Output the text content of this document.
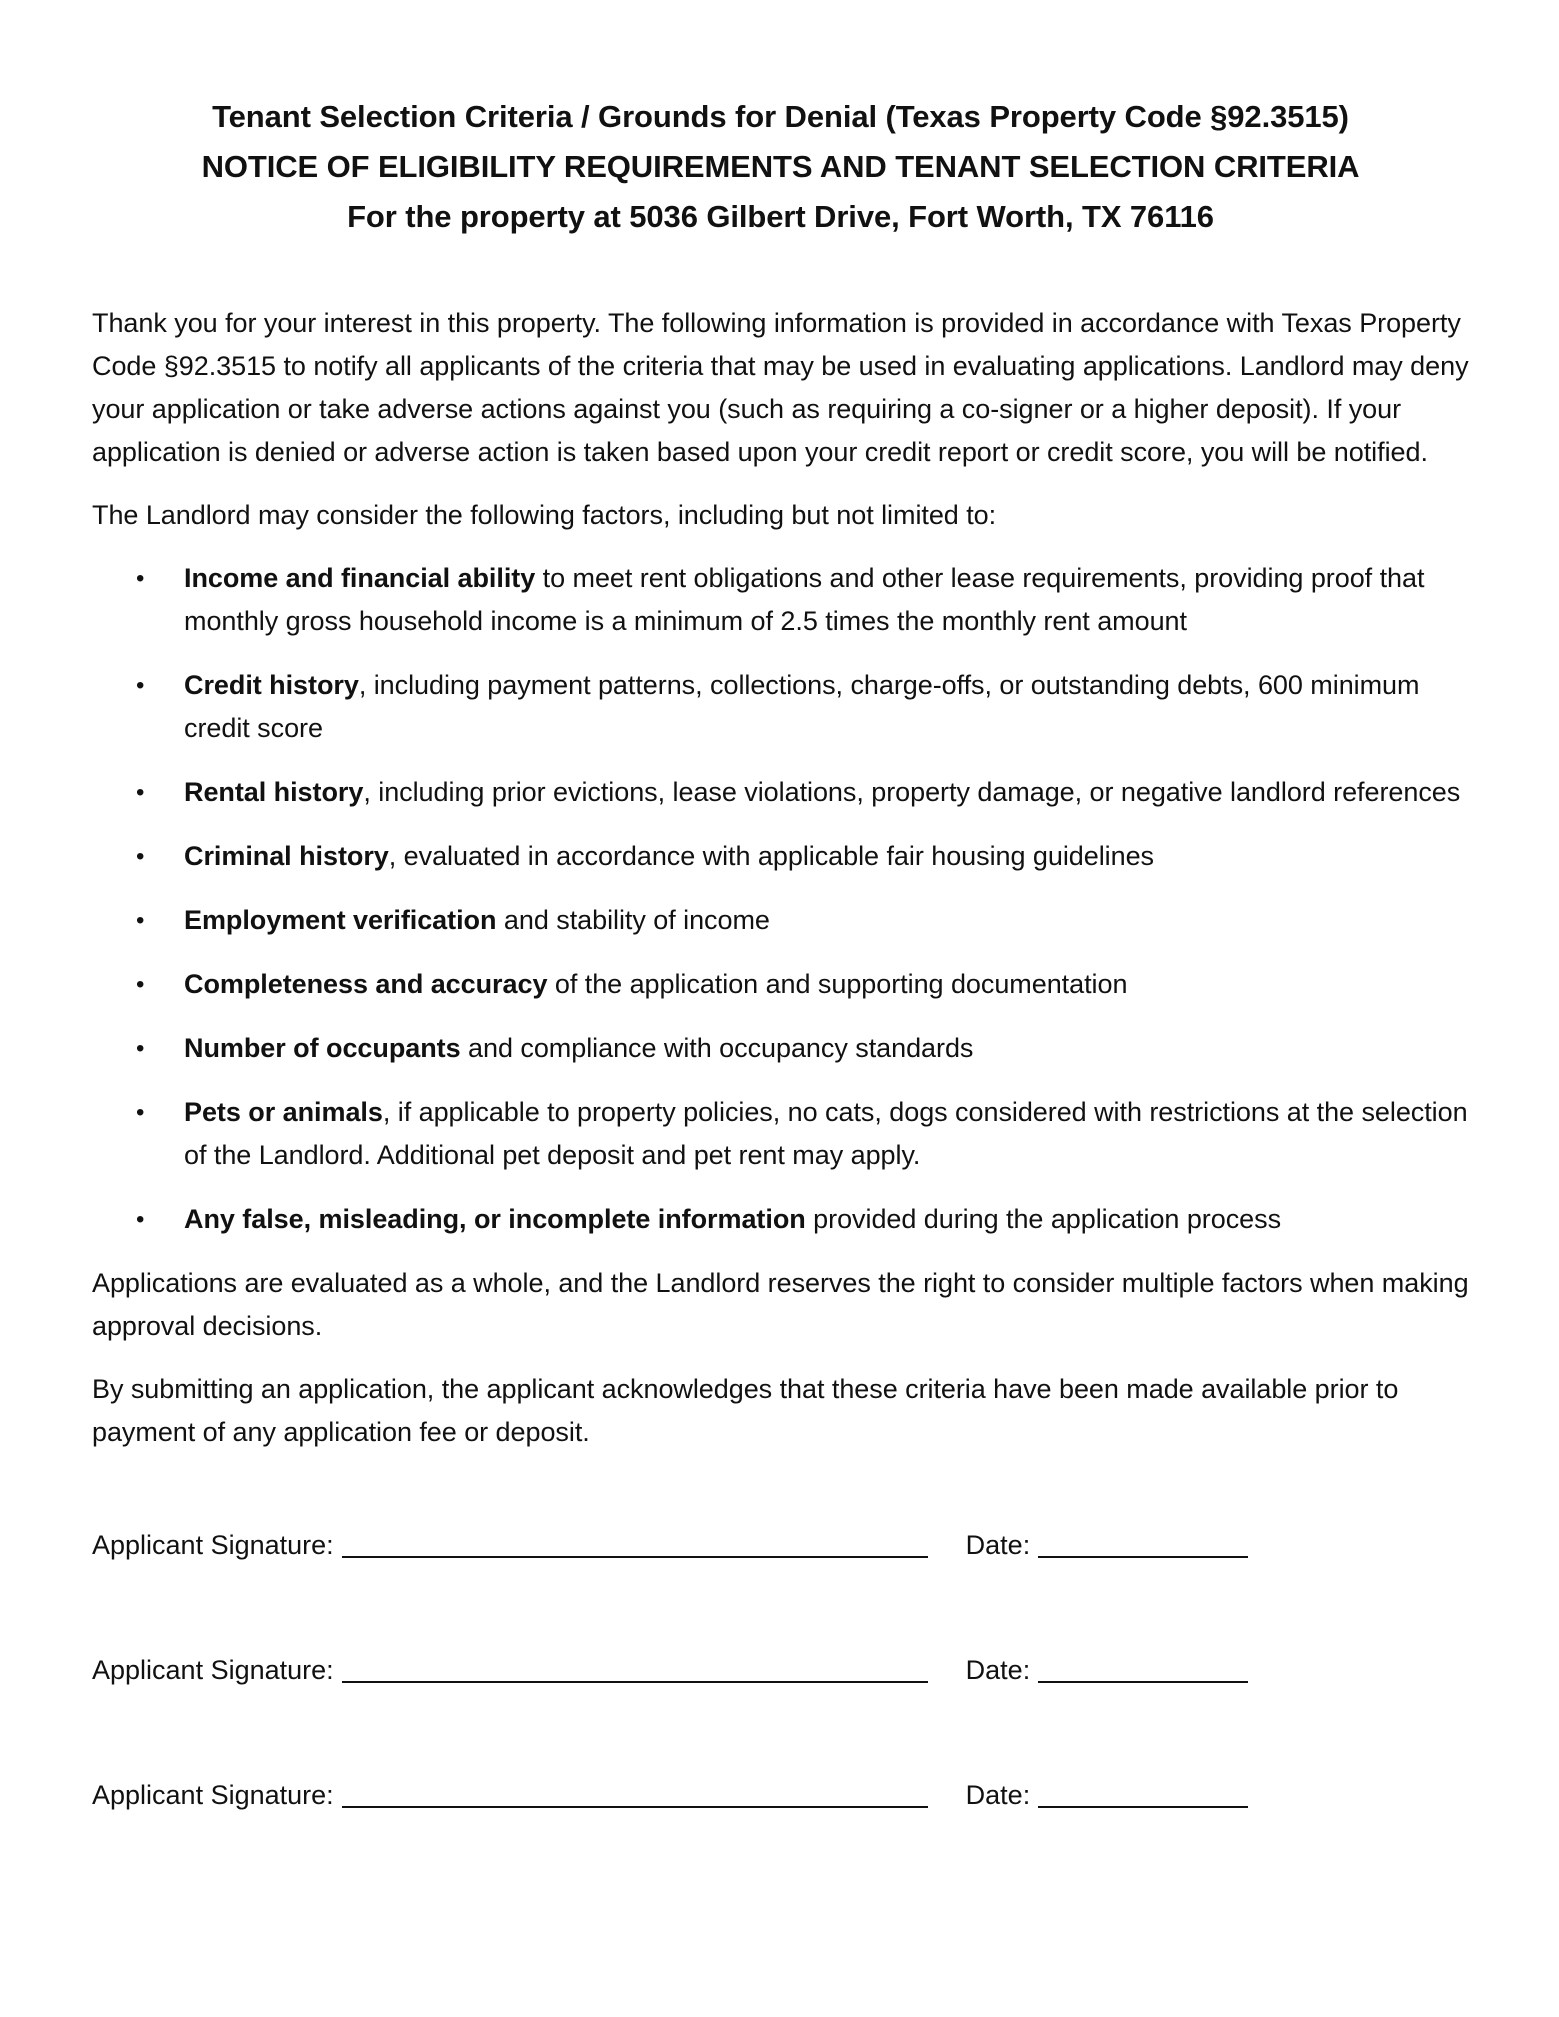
Tenant Selection Criteria / Grounds for Denial (Texas Property Code §92.3515)
NOTICE OF ELIGIBILITY REQUIREMENTS AND TENANT SELECTION CRITERIA
For the property at 5036 Gilbert Drive, Fort Worth, TX 76116

Thank you for your interest in this property. The following information is provided in accordance with Texas Property Code §92.3515 to notify all applicants of the criteria that may be used in evaluating applications. Landlord may deny your application or take adverse actions against you (such as requiring a co-signer or a higher deposit). If your application is denied or adverse action is taken based upon your credit report or credit score, you will be notified.

The Landlord may consider the following factors, including but not limited to:

• Income and financial ability to meet rent obligations and other lease requirements, providing proof that monthly gross household income is a minimum of 2.5 times the monthly rent amount
• Credit history, including payment patterns, collections, charge-offs, or outstanding debts, 600 minimum credit score
• Rental history, including prior evictions, lease violations, property damage, or negative landlord references
• Criminal history, evaluated in accordance with applicable fair housing guidelines
• Employment verification and stability of income
• Completeness and accuracy of the application and supporting documentation
• Number of occupants and compliance with occupancy standards
• Pets or animals, if applicable to property policies, no cats, dogs considered with restrictions at the selection of the Landlord. Additional pet deposit and pet rent may apply.
• Any false, misleading, or incomplete information provided during the application process

Applications are evaluated as a whole, and the Landlord reserves the right to consider multiple factors when making approval decisions.

By submitting an application, the applicant acknowledges that these criteria have been made available prior to payment of any application fee or deposit.

Applicant Signature:	Date:
Applicant Signature:	Date:
Applicant Signature:	Date:
